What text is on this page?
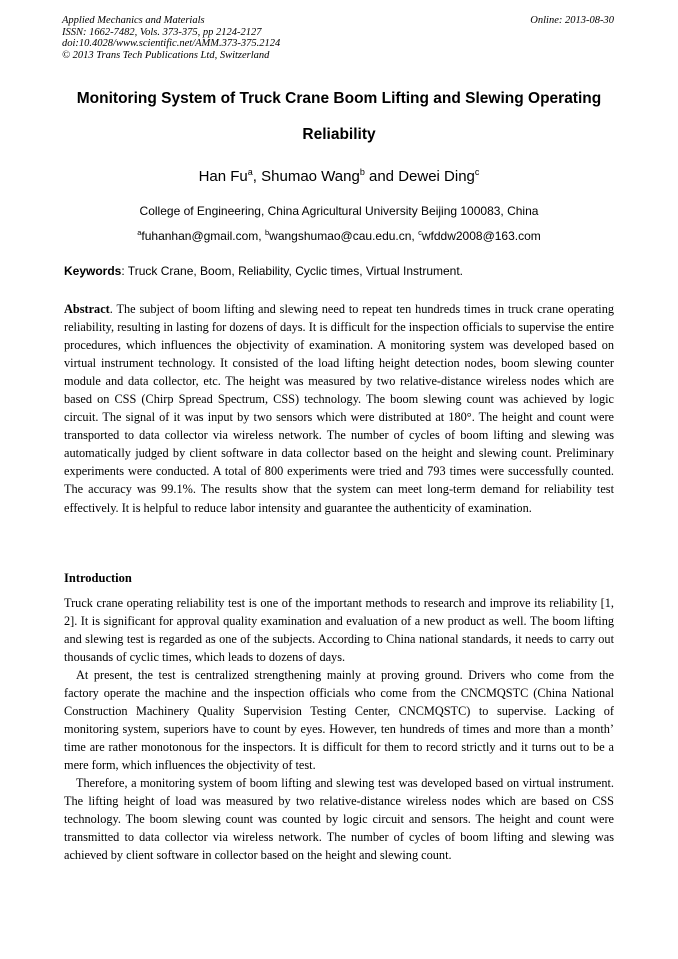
Applied Mechanics and Materials
ISSN: 1662-7482, Vols. 373-375, pp 2124-2127
doi:10.4028/www.scientific.net/AMM.373-375.2124
© 2013 Trans Tech Publications Ltd, Switzerland
Online: 2013-08-30
Monitoring System of Truck Crane Boom Lifting and Slewing Operating
Reliability
Han Fu$^a$, Shumao Wang$^b$ and Dewei Ding$^c$
College of Engineering, China Agricultural University Beijing 100083, China
$^a$fuhanhan@gmail.com, $^b$wangshumao@cau.edu.cn, $^c$wfddw2008@163.com
Keywords: Truck Crane, Boom, Reliability, Cyclic times, Virtual Instrument.
Abstract. The subject of boom lifting and slewing need to repeat ten hundreds times in truck crane operating reliability, resulting in lasting for dozens of days. It is difficult for the inspection officials to supervise the entire procedures, which influences the objectivity of examination. A monitoring system was developed based on virtual instrument technology. It consisted of the load lifting height detection nodes, boom slewing counter module and data collector, etc. The height was measured by two relative-distance wireless nodes which are based on CSS (Chirp Spread Spectrum, CSS) technology. The boom slewing count was achieved by logic circuit. The signal of it was input by two sensors which were distributed at 180°. The height and count were transported to data collector via wireless network. The number of cycles of boom lifting and slewing was automatically judged by client software in data collector based on the height and slewing count. Preliminary experiments were conducted. A total of 800 experiments were tried and 793 times were successfully counted. The accuracy was 99.1%. The results show that the system can meet long-term demand for reliability test effectively. It is helpful to reduce labor intensity and guarantee the authenticity of examination.
Introduction
Truck crane operating reliability test is one of the important methods to research and improve its reliability [1, 2]. It is significant for approval quality examination and evaluation of a new product as well. The boom lifting and slewing test is regarded as one of the subjects. According to China national standards, it needs to carry out thousands of cyclic times, which leads to dozens of days.
At present, the test is centralized strengthening mainly at proving ground. Drivers who come from the factory operate the machine and the inspection officials who come from the CNCMQSTC (China National Construction Machinery Quality Supervision Testing Center, CNCMQSTC) to supervise. Lacking of monitoring system, superiors have to count by eyes. However, ten hundreds of times and more than a month’ time are rather monotonous for the inspectors. It is difficult for them to record strictly and it turns out to be a mere form, which influences the objectivity of test.
Therefore, a monitoring system of boom lifting and slewing test was developed based on virtual instrument. The lifting height of load was measured by two relative-distance wireless nodes which are based on CSS technology. The boom slewing count was counted by logic circuit and sensors. The height and count were transmitted to data collector via wireless network. The number of cycles of boom lifting and slewing was achieved by client software in collector based on the height and slewing count.
